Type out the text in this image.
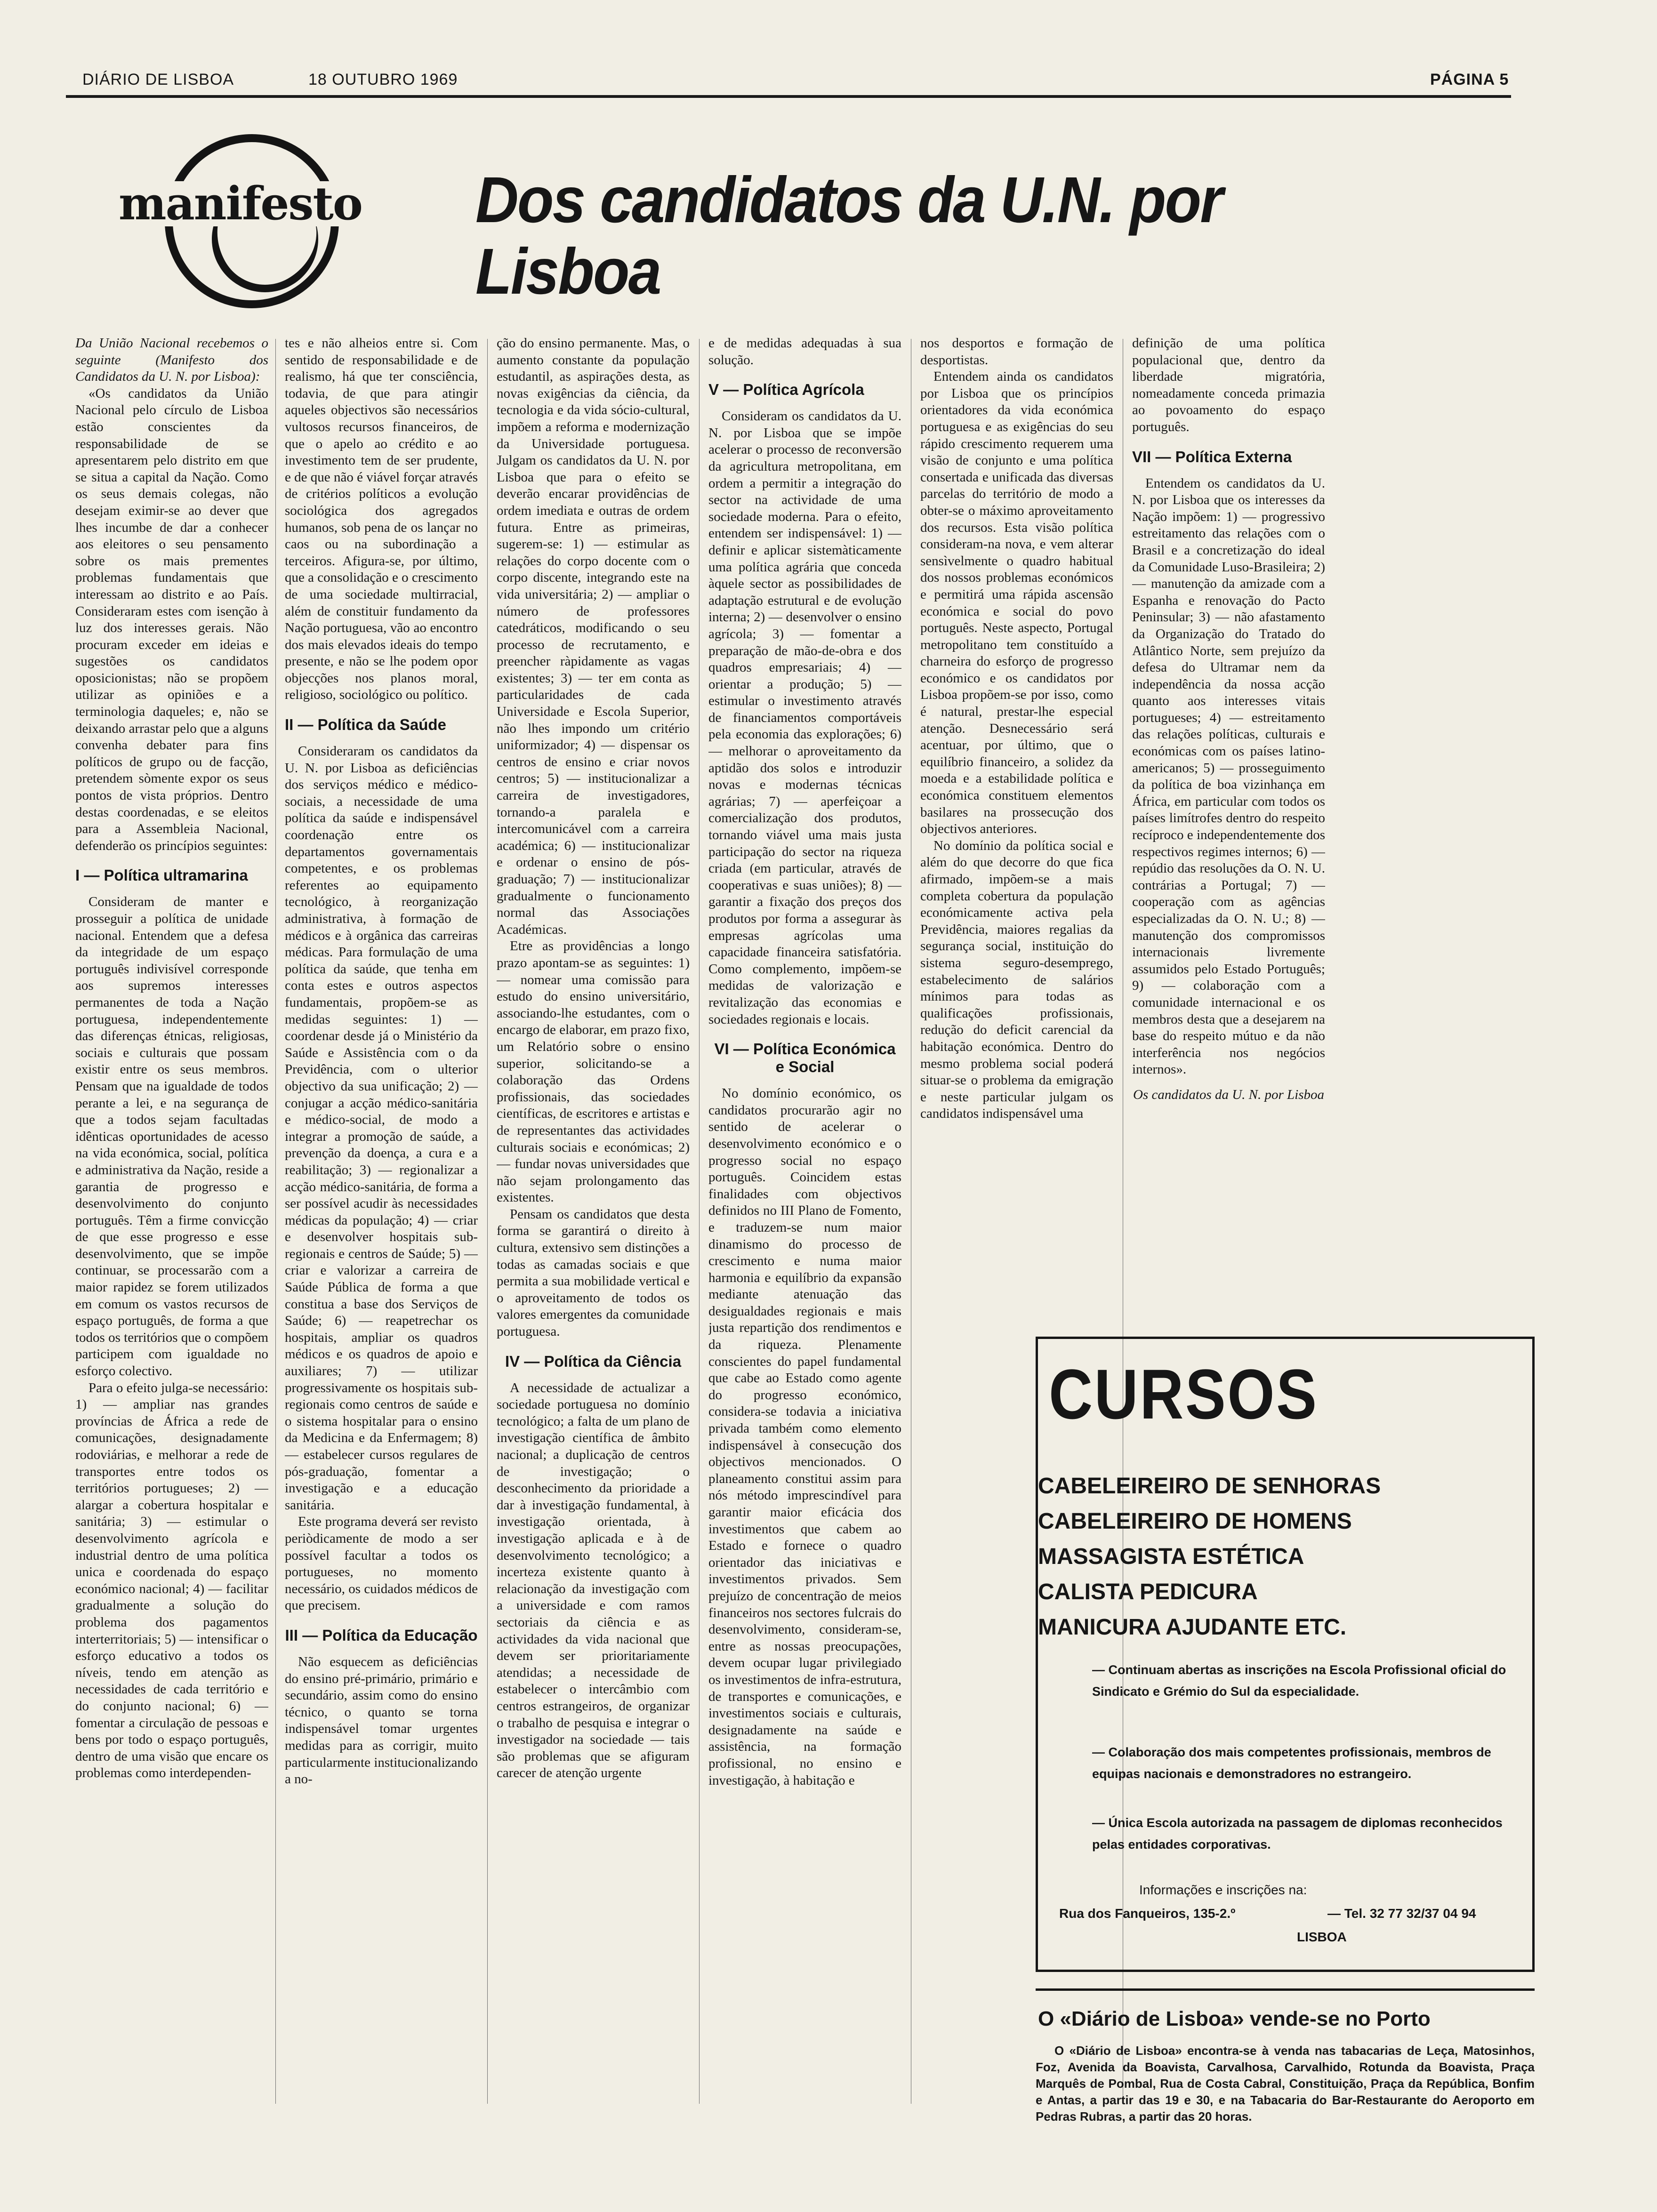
DIÁRIO DE LISBOA	18 OUTUBRO 1969	PÁGINA 5
manifesto Dos candidatos da U.N. por Lisboa

Da União Nacional recebemos o seguinte (Manifesto dos Candidatos da U. N. por Lisboa):

«Os candidatos da União Nacional pelo círculo de Lisboa estão conscientes da responsabilidade de se apresentarem pelo distrito em que se situa a capital da Nação. Como os seus demais colegas, não desejam eximir-se ao dever que lhes incumbe de dar a conhecer aos eleitores o seu pensamento sobre os mais prementes problemas fundamentais que interessam ao distrito e ao País. Consideraram estes com isenção à luz dos interesses gerais. Não procuram exceder em ideias e sugestões os candidatos oposicionistas; não se propõem utilizar as opiniões e a terminologia daqueles; e, não se deixando arrastar pelo que a alguns convenha debater para fins políticos de grupo ou de facção, pretendem sòmente expor os seus pontos de vista próprios. Dentro destas coordenadas, e se eleitos para a Assembleia Nacional, defenderão os princípios seguintes:

I — Política ultramarina

Consideram de manter e prosseguir a política de unidade nacional. Entendem que a defesa da integridade de um espaço português indivisível corresponde aos supremos interesses permanentes de toda a Nação portuguesa, independentemente das diferenças étnicas, religiosas, sociais e culturais que possam existir entre os seus membros. Pensam que na igualdade de todos perante a lei, e na segurança de que a todos sejam facultadas idênticas oportunidades de acesso na vida económica, social, política e administrativa da Nação, reside a garantia de progresso e desenvolvimento do conjunto português. Têm a firme convicção de que esse progresso e esse desenvolvimento, que se impõe continuar, se processarão com a maior rapidez se forem utilizados em comum os vastos recursos de espaço português, de forma a que todos os territórios que o compõem participem com igualdade no esforço colectivo.

Para o efeito julga-se necessário: 1) — ampliar nas grandes províncias de África a rede de comunicações, designadamente rodoviárias, e melhorar a rede de transportes entre todos os territórios portugueses; 2) — alargar a cobertura hospitalar e sanitária; 3) — estimular o desenvolvimento agrícola e industrial dentro de uma política unica e coordenada do espaço económico nacional; 4) — facilitar gradualmente a solução do problema dos pagamentos interterritoriais; 5) — intensificar o esforço educativo a todos os níveis, tendo em atenção as necessidades de cada território e do conjunto nacional; 6) — fomentar a circulação de pessoas e bens por todo o espaço português, dentro de uma visão que encare os problemas como interdependen-

tes e não alheios entre si. Com sentido de responsabilidade e de realismo, há que ter consciência, todavia, de que para atingir aqueles objectivos são necessários vultosos recursos financeiros, de que o apelo ao crédito e ao investimento tem de ser prudente, e de que não é viável forçar através de critérios políticos a evolução sociológica dos agregados humanos, sob pena de os lançar no caos ou na subordinação a terceiros. Afigura-se, por último, que a consolidação e o crescimento de uma sociedade multirracial, além de constituir fundamento da Nação portuguesa, vão ao encontro dos mais elevados ideais do tempo presente, e não se lhe podem opor objecções nos planos moral, religioso, sociológico ou político.

II — Política da Saúde

Consideraram os candidatos da U. N. por Lisboa as deficiências dos serviços médico e médico-sociais, a necessidade de uma política da saúde e indispensável coordenação entre os departamentos governamentais competentes, e os problemas referentes ao equipamento tecnológico, à reorganização administrativa, à formação de médicos e à orgânica das carreiras médicas. Para formulação de uma política da saúde, que tenha em conta estes e outros aspectos fundamentais, propõem-se as medidas seguintes: 1) — coordenar desde já o Ministério da Saúde e Assistência com o da Previdência, com o ulterior objectivo da sua unificação; 2) — conjugar a acção médico-sanitária e médico-social, de modo a integrar a promoção de saúde, a prevenção da doença, a cura e a reabilitação; 3) — regionalizar a acção médico-sanitária, de forma a ser possível acudir às necessidades médicas da população; 4) — criar e desenvolver hospitais sub-regionais e centros de Saúde; 5) — criar e valorizar a carreira de Saúde Pública de forma a que constitua a base dos Serviços de Saúde; 6) — reapetrechar os hospitais, ampliar os quadros médicos e os quadros de apoio e auxiliares; 7) — utilizar progressivamente os hospitais sub-regionais como centros de saúde e o sistema hospitalar para o ensino da Medicina e da Enfermagem; 8) — estabelecer cursos regulares de pós-graduação, fomentar a investigação e a educação sanitária.

Este programa deverá ser revisto periòdicamente de modo a ser possível facultar a todos os portugueses, no momento necessário, os cuidados médicos de que precisem.

III — Política da Educação

Não esquecem as deficiências do ensino pré-primário, primário e secundário, assim como do ensino técnico, o quanto se torna indispensável tomar urgentes medidas para as corrigir, muito particularmente institucionalizando a no-

ção do ensino permanente. Mas, o aumento constante da população estudantil, as aspirações desta, as novas exigências da ciência, da tecnologia e da vida sócio-cultural, impõem a reforma e modernização da Universidade portuguesa. Julgam os candidatos da U. N. por Lisboa que para o efeito se deverão encarar providências de ordem imediata e outras de ordem futura. Entre as primeiras, sugerem-se: 1) — estimular as relações do corpo docente com o corpo discente, integrando este na vida universitária; 2) — ampliar o número de professores catedráticos, modificando o seu processo de recrutamento, e preencher ràpidamente as vagas existentes; 3) — ter em conta as particularidades de cada Universidade e Escola Superior, não lhes impondo um critério uniformizador; 4) — dispensar os centros de ensino e criar novos centros; 5) — institucionalizar a carreira de investigadores, tornando-a paralela e intercomunicável com a carreira académica; 6) — institucionalizar e ordenar o ensino de pós-graduação; 7) — institucionalizar gradualmente o funcionamento normal das Associações Académicas.

Etre as providências a longo prazo apontam-se as seguintes: 1) — nomear uma comissão para estudo do ensino universitário, associando-lhe estudantes, com o encargo de elaborar, em prazo fixo, um Relatório sobre o ensino superior, solicitando-se a colaboração das Ordens profissionais, das sociedades científicas, de escritores e artistas e de representantes das actividades culturais sociais e económicas; 2) — fundar novas universidades que não sejam prolongamento das existentes.

Pensam os candidatos que desta forma se garantirá o direito à cultura, extensivo sem distinções a todas as camadas sociais e que permita a sua mobilidade vertical e o aproveitamento de todos os valores emergentes da comunidade portuguesa.

IV — Política da Ciência

A necessidade de actualizar a sociedade portuguesa no domínio tecnológico; a falta de um plano de investigação científica de âmbito nacional; a duplicação de centros de investigação; o desconhecimento da prioridade a dar à investigação fundamental, à investigação orientada, à investigação aplicada e à de desenvolvimento tecnológico; a incerteza existente quanto à relacionação da investigação com a universidade e com ramos sectoriais da ciência e as actividades da vida nacional que devem ser prioritariamente atendidas; a necessidade de estabelecer o intercâmbio com centros estrangeiros, de organizar o trabalho de pesquisa e integrar o investigador na sociedade — tais são problemas que se afiguram carecer de atenção urgente

e de medidas adequadas à sua solução.

V — Política Agrícola

Consideram os candidatos da U. N. por Lisboa que se impõe acelerar o processo de reconversão da agricultura metropolitana, em ordem a permitir a integração do sector na actividade de uma sociedade moderna. Para o efeito, entendem ser indispensável: 1) — definir e aplicar sistemàticamente uma política agrária que conceda àquele sector as possibilidades de adaptação estrutural e de evolução interna; 2) — desenvolver o ensino agrícola; 3) — fomentar a preparação de mão-de-obra e dos quadros empresariais; 4) — orientar a produção; 5) — estimular o investimento através de financiamentos comportáveis pela economia das explorações; 6) — melhorar o aproveitamento da aptidão dos solos e introduzir novas e modernas técnicas agrárias; 7) — aperfeiçoar a comercialização dos produtos, tornando viável uma mais justa participação do sector na riqueza criada (em particular, através de cooperativas e suas uniões); 8) — garantir a fixação dos preços dos produtos por forma a assegurar às empresas agrícolas uma capacidade financeira satisfatória. Como complemento, impõem-se medidas de valorização e revitalização das economias e sociedades regionais e locais.

VI — Política Económica e Social

No domínio económico, os candidatos procurarão agir no sentido de acelerar o desenvolvimento económico e o progresso social no espaço português. Coincidem estas finalidades com objectivos definidos no III Plano de Fomento, e traduzem-se num maior dinamismo do processo de crescimento e numa maior harmonia e equilíbrio da expansão mediante atenuação das desigualdades regionais e mais justa repartição dos rendimentos e da riqueza. Plenamente conscientes do papel fundamental que cabe ao Estado como agente do progresso económico, considera-se todavia a iniciativa privada também como elemento indispensável à consecução dos objectivos mencionados. O planeamento constitui assim para nós método imprescindível para garantir maior eficácia dos investimentos que cabem ao Estado e fornece o quadro orientador das iniciativas e investimentos privados. Sem prejuízo de concentração de meios financeiros nos sectores fulcrais do desenvolvimento, consideram-se, entre as nossas preocupações, devem ocupar lugar privilegiado os investimentos de infra-estrutura, de transportes e comunicações, e investimentos sociais e culturais, designadamente na saúde e assistência, na formação profissional, no ensino e investigação, à habitação e

nos desportos e formação de desportistas.

Entendem ainda os candidatos por Lisboa que os princípios orientadores da vida económica portuguesa e as exigências do seu rápido crescimento requerem uma visão de conjunto e uma política consertada e unificada das diversas parcelas do território de modo a obter-se o máximo aproveitamento dos recursos. Esta visão política consideram-na nova, e vem alterar sensìvelmente o quadro habitual dos nossos problemas económicos e permitirá uma rápida ascensão económica e social do povo português. Neste aspecto, Portugal metropolitano tem constituído a charneira do esforço de progresso económico e os candidatos por Lisboa propõem-se por isso, como é natural, prestar-lhe especial atenção. Desnecessário será acentuar, por último, que o equilíbrio financeiro, a solidez da moeda e a estabilidade política e económica constituem elementos basilares na prossecução dos objectivos anteriores.

No domínio da política social e além do que decorre do que fica afirmado, impõem-se a mais completa cobertura da população económicamente activa pela Previdência, maiores regalias da segurança social, instituição do sistema seguro-desemprego, estabelecimento de salários mínimos para todas as qualificações profissionais, redução do deficit carencial da habitação económica. Dentro do mesmo problema social poderá situar-se o problema da emigração e neste particular julgam os candidatos indispensável uma

definição de uma política populacional que, dentro da liberdade migratória, nomeadamente conceda primazia ao povoamento do espaço português.

VII — Política Externa

Entendem os candidatos da U. N. por Lisboa que os interesses da Nação impõem: 1) — progressivo estreitamento das relações com o Brasil e a concretização do ideal da Comunidade Luso-Brasileira; 2) — manutenção da amizade com a Espanha e renovação do Pacto Peninsular; 3) — não afastamento da Organização do Tratado do Atlântico Norte, sem prejuízo da defesa do Ultramar nem da independência da nossa acção quanto aos interesses vitais portugueses; 4) — estreitamento das relações políticas, culturais e económicas com os países latino-americanos; 5) — prosseguimento da política de boa vizinhança em África, em particular com todos os países limítrofes dentro do respeito recíproco e independentemente dos respectivos regimes internos; 6) — repúdio das resoluções da O. N. U. contrárias a Portugal; 7) — cooperação com as agências especializadas da O. N. U.; 8) — manutenção dos compromissos internacionais livremente assumidos pelo Estado Português; 9) — colaboração com a comunidade internacional e os membros desta que a desejarem na base do respeito mútuo e da não interferência nos negócios internos».

Os candidatos da U. N. por Lisboa

CURSOS
CABELEIREIRO DE SENHORAS
CABELEIREIRO DE HOMENS
MASSAGISTA ESTÉTICA
CALISTA PEDICURA
MANICURA AJUDANTE ETC.
— Continuam abertas as inscrições na Escola Profissional oficial do Sindicato e Grémio do Sul da especialidade.
— Colaboração dos mais competentes profissionais, membros de equipas nacionais e demonstradores no estrangeiro.
— Única Escola autorizada na passagem de diplomas reconhecidos pelas entidades corporativas.
Informações e inscrições na:
Rua dos Fanqueiros, 135-2.º	— Tel. 32 77 32/37 04 94
LISBOA
O «Diário de Lisboa» vende-se no Porto
O «Diário de Lisboa» encontra-se à venda nas tabacarias de Leça, Matosinhos, Foz, Avenida da Boavista, Carvalhosa, Carvalhido, Rotunda da Boavista, Praça Marquês de Pombal, Rua de Costa Cabral, Constituição, Praça da República, Bonfim e Antas, a partir das 19 e 30, e na Tabacaria do Bar-Restaurante do Aeroporto em Pedras Rubras, a partir das 20 horas.
